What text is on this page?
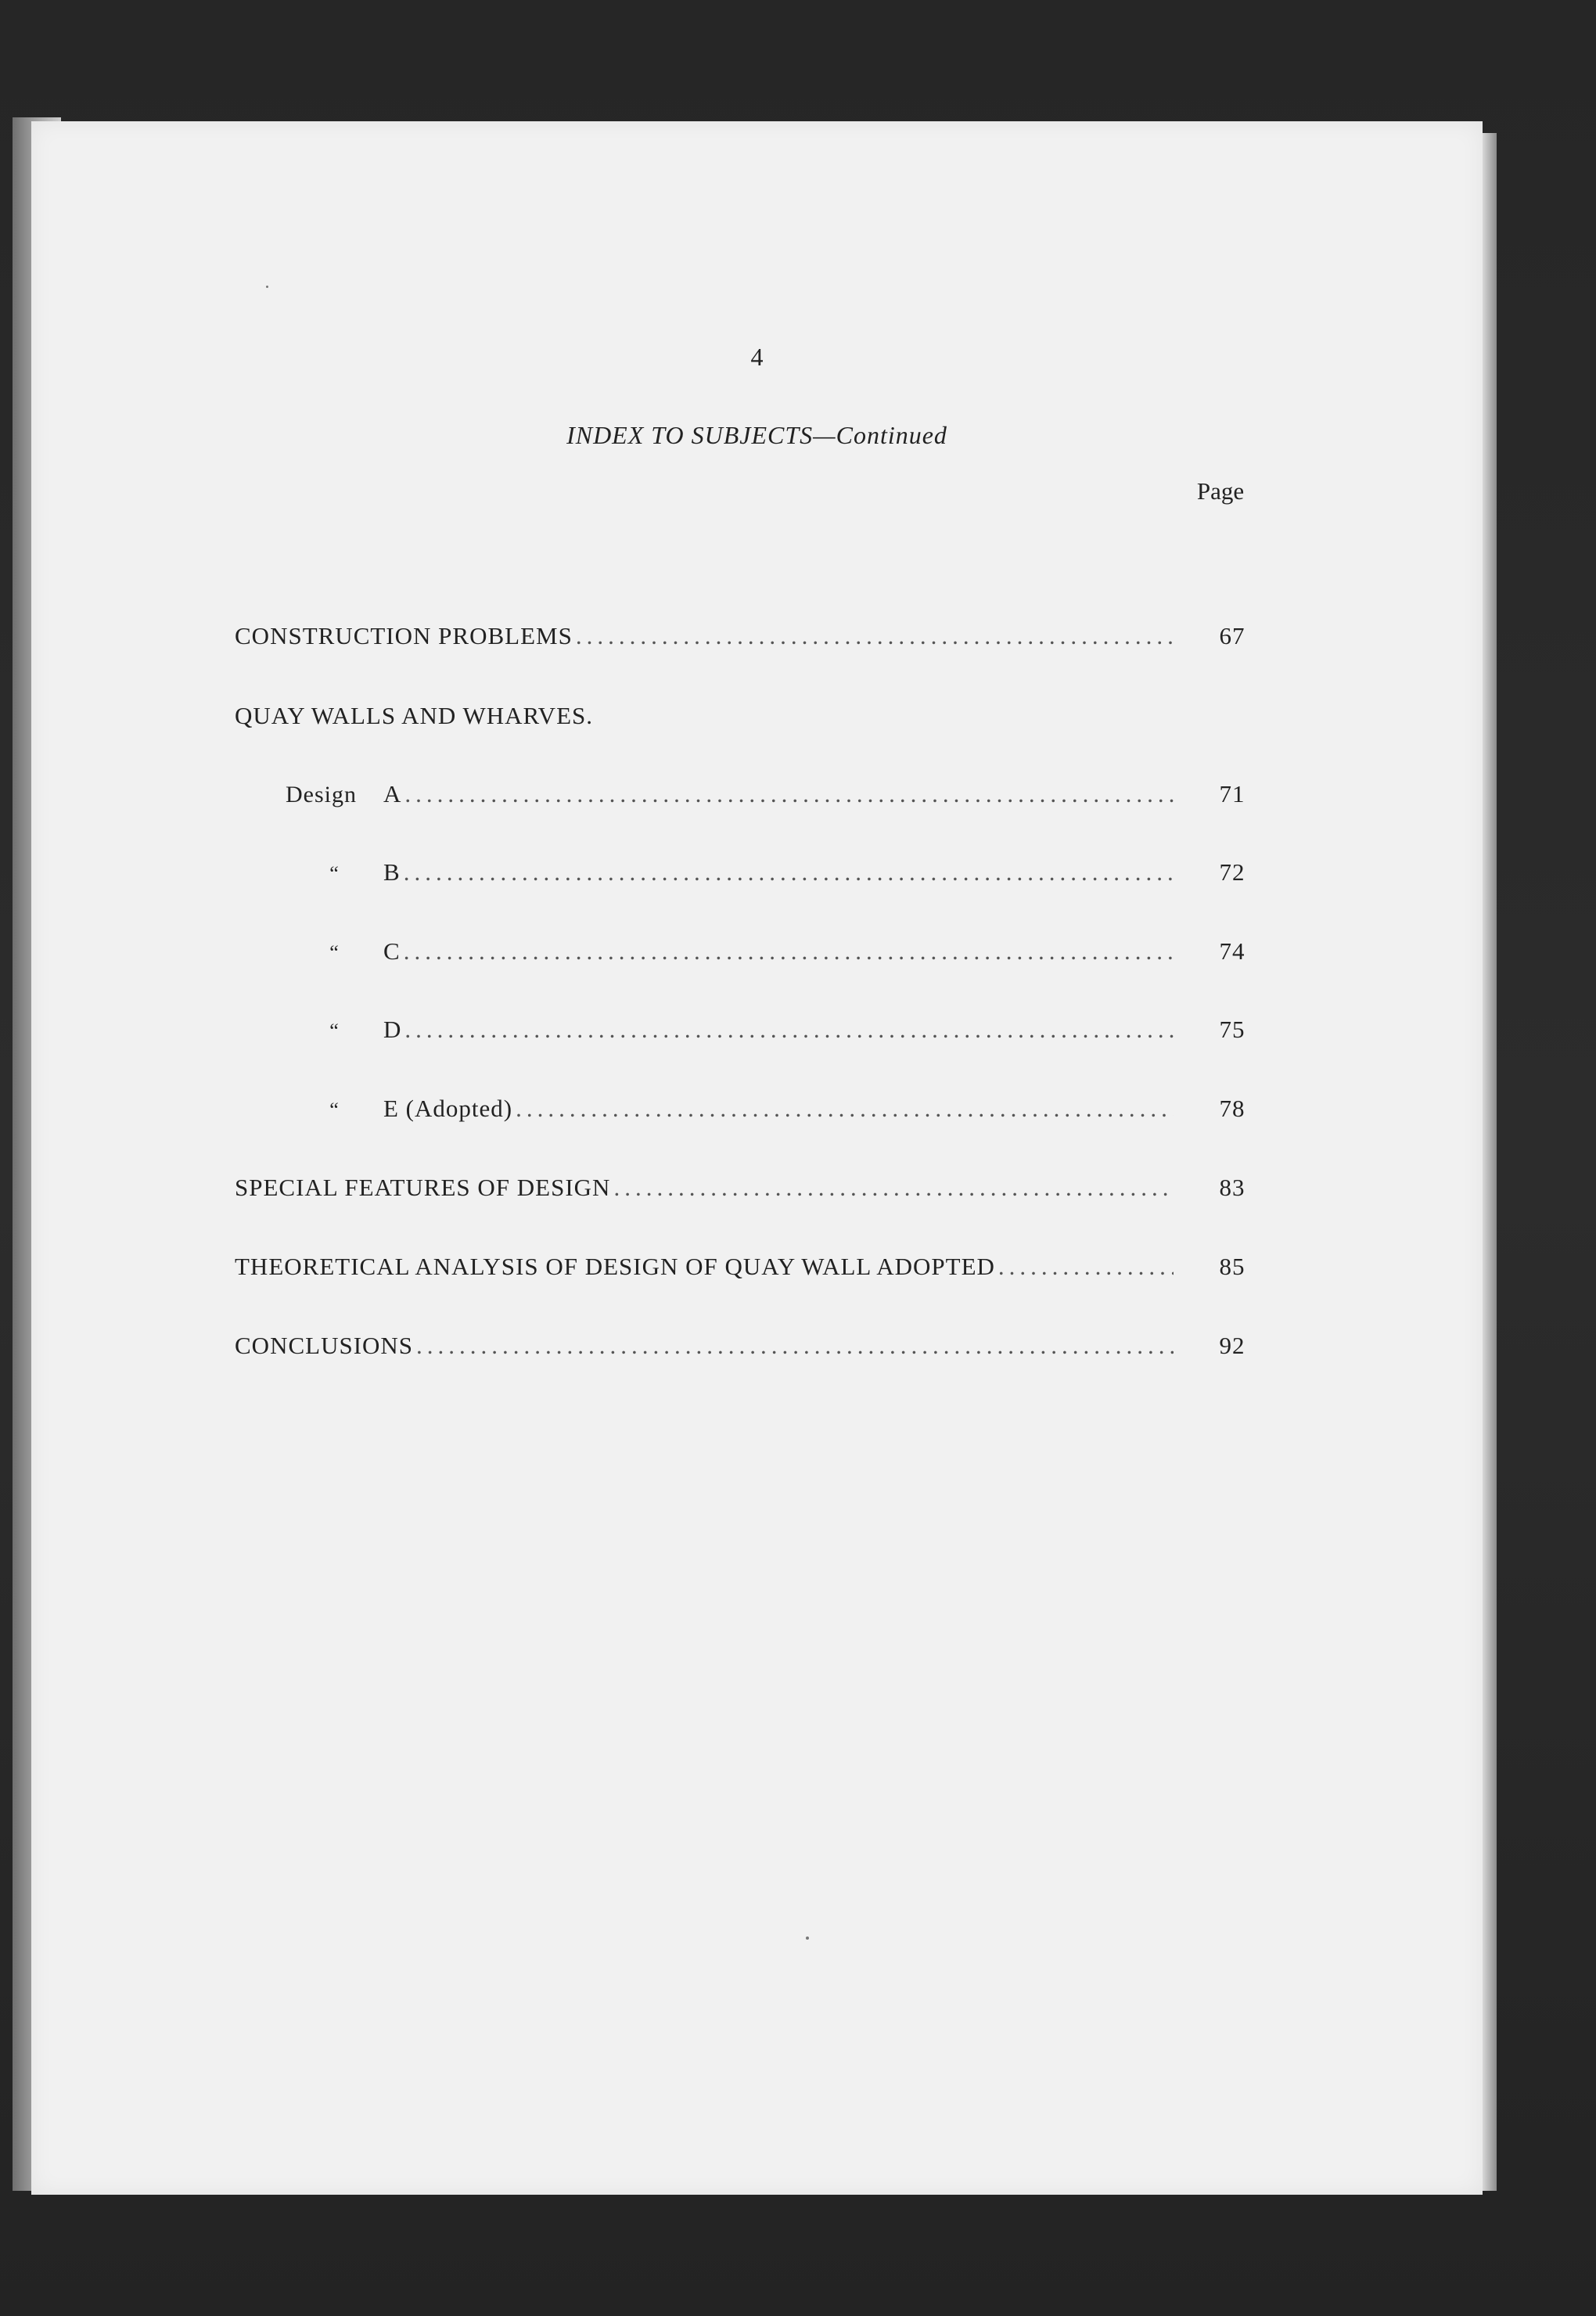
4
INDEX TO SUBJECTS—Continued
Page
CONSTRUCTION PROBLEMS .....	67
QUAY WALLS AND WHARVES.
Design A .....	71
“ B .....	72
“ C .....	74
“ D .....	75
“ E (Adopted) .....	78
SPECIAL FEATURES OF DESIGN .....	83
THEORETICAL ANALYSIS OF DESIGN OF QUAY WALL ADOPTED .....	85
CONCLUSIONS .....	92
